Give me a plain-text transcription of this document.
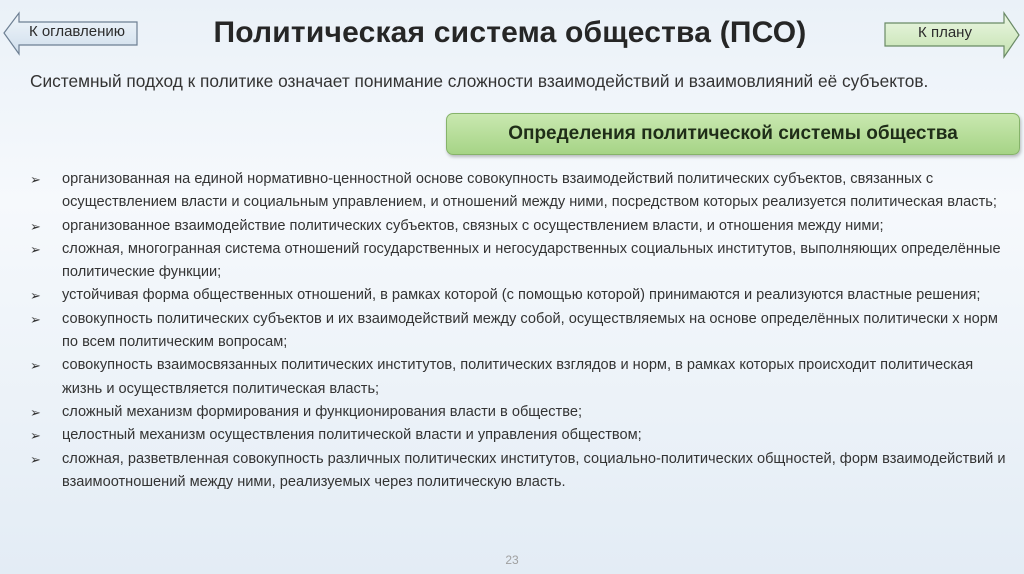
К оглавлению	Политическая система общества (ПСО)	К плану
Системный подход к политике означает понимание сложности взаимодействий и взаимовлияний её субъектов.
Определения политической системы общества
➢ организованная на единой нормативно-ценностной основе совокупность взаимодействий политических субъектов, связанных с осуществлением власти и социальным управлением, и отношений между ними, посредством которых реализуется политическая власть;
➢ организованное взаимодействие политических субъектов, связных с осуществлением власти, и отношения между ними;
➢ сложная, многогранная система отношений государственных и негосударственных социальных институтов, выполняющих определённые политические функции;
➢ устойчивая форма общественных отношений, в рамках которой (с помощью которой) принимаются и реализуются властные решения;
➢ совокупность политических субъектов и их взаимодействий между собой, осуществляемых на основе определённых политически х норм по всем политическим вопросам;
➢ совокупность взаимосвязанных политических институтов, политических взглядов и норм, в рамках которых происходит политическая жизнь и осуществляется политическая власть;
➢ сложный механизм формирования и функционирования власти в обществе;
➢ целостный механизм осуществления политической власти и управления обществом;
➢ сложная, разветвленная совокупность различных политических институтов, социально-политических общностей, форм взаимодействий и взаимоотношений между ними, реализуемых через политическую власть.
23
